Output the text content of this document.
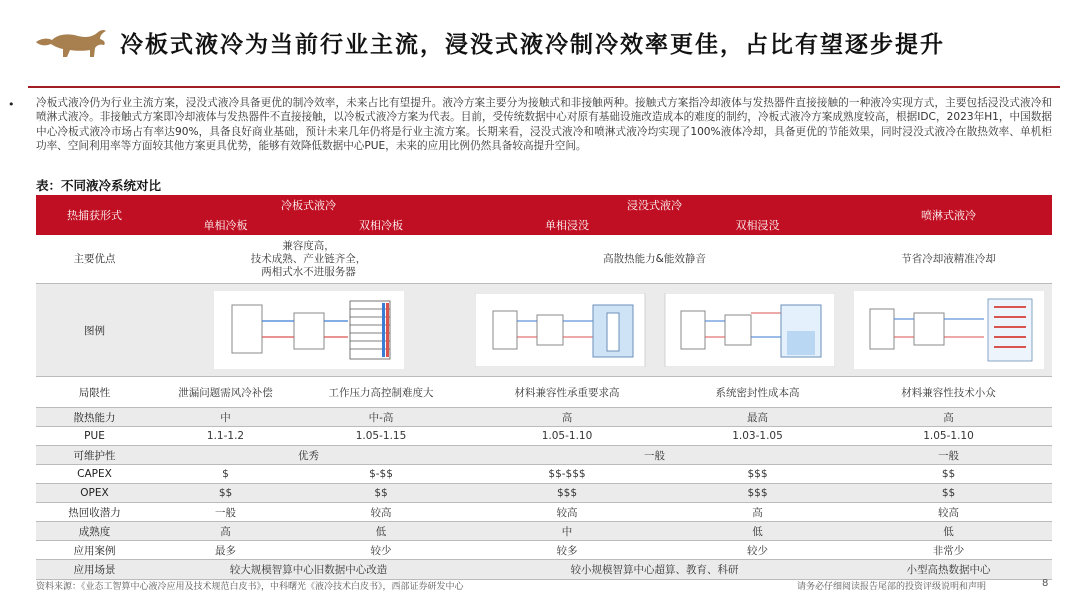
冷板式液冷为当前行业主流，浸没式液冷制冷效率更佳，占比有望逐步提升
• 冷板式液冷仍为行业主流方案，浸没式液冷具备更优的制冷效率，未来占比有望提升。液冷方案主要分为接触式和非接触两种。接触式方案指冷却液体与发热器件直接接触的一种液冷实现方式，主要包括浸没式液冷和喷淋式液冷。非接触式方案即冷却液体与发热器件不直接接触，以冷板式液冷方案为代表。目前，受传统数据中心对原有基础设施改造成本的难度的制约，冷板式液冷方案成熟度较高，根据IDC，2023年H1，中国数据中心冷板式液冷市场占有率达90%，具备良好商业基础，预计未来几年仍将是行业主流方案。长期来看，浸没式液冷和喷淋式液冷均实现了100%液体冷却，具备更优的节能效果，同时浸没式液冷在散热效率、单机柜功率、空间利用率等方面较其他方案更具优势，能够有效降低数据中心PUE，未来的应用比例仍然具备较高提升空间。
表：不同液冷系统对比
热捕获形式	冷板式液冷		浸没式液冷		喷淋式液冷
	单相冷板	双相冷板	单相浸没	双相浸没	
主要优点	兼容度高，
技术成熟、产业链齐全，
两相式水不进服务器		高散热能力&能效静音		节省冷却液精准冷却
图例	

局限性	泄漏问题需风冷补偿	工作压力高控制难度大	材料兼容性承重要求高	系统密封性成本高	材料兼容性技术小众
散热能力	中	中-高	高	最高	高
PUE	1.1-1.2	1.05-1.15	1.05-1.10	1.03-1.05	1.05-1.10
可维护性	优秀		一般		一般
CAPEX	$	$-$$	$$-$$$	$$$	$$
OPEX	$$	$$	$$$	$$$	$$
热回收潜力	一般	较高	较高	高	较高
成熟度	高	低	中	低	低
应用案例	最多	较少	较多	较少	非常少
应用场景	较大规模智算中心旧数据中心改造		较小规模智算中心超算、教育、科研		小型高热数据中心
资料来源：《业态工智算中心液冷应用及技术规范白皮书》，中科曙光《液冷技术白皮书》，西部证券研发中心	请务必仔细阅读报告尾部的投资评级说明和声明	8
